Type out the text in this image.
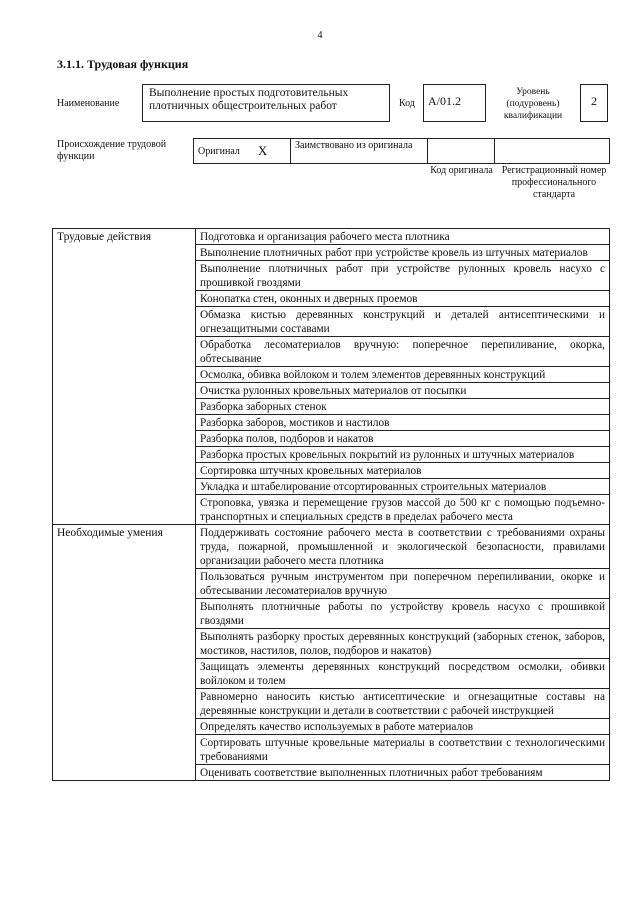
4
3.1.1. Трудовая функция
Наименование
Выполнение простых подготовительных плотничных общестроительных работ	Код	A/01.2
Уровень (подуровень) квалификации
2
Происхождение трудовой функции	Оригинал X	Заимствовано из оригинала
Код оригинала Регистрационный номер профессионального стандарта
Трудовые действия	Подготовка и организация рабочего места плотника
	Выполнение плотничных работ при устройстве кровель из штучных материалов
	Выполнение плотничных работ при устройстве рулонных кровель насухо с прошивкой гвоздями
	Конопатка стен, оконных и дверных проемов
	Обмазка кистью деревянных конструкций и деталей антисептическими и огнезащитными составами
	Обработка лесоматериалов вручную: поперечное перепиливание, окорка, обтесывание
	Осмолка, обивка войлоком и толем элементов деревянных конструкций
	Очистка рулонных кровельных материалов от посыпки
	Разборка заборных стенок
	Разборка заборов, мостиков и настилов
	Разборка полов, подборов и накатов
	Разборка простых кровельных покрытий из рулонных и штучных материалов
	Сортировка штучных кровельных материалов
	Укладка и штабелирование отсортированных строительных материалов
	Строповка, увязка и перемещение грузов массой до 500 кг с помощью подъемно-транспортных и специальных средств в пределах рабочего места
Необходимые умения	Поддерживать состояние рабочего места в соответствии с требованиями охраны труда, пожарной, промышленной и экологической безопасности, правилами организации рабочего места плотника
	Пользоваться ручным инструментом при поперечном перепиливании, окорке и обтесывании лесоматериалов вручную
	Выполнять плотничные работы по устройству кровель насухо с прошивкой гвоздями
	Выполнять разборку простых деревянных конструкций (заборных стенок, заборов, мостиков, настилов, полов, подборов и накатов)
	Защищать элементы деревянных конструкций посредством осмолки, обивки войлоком и толем
	Равномерно наносить кистью антисептические и огнезащитные составы на деревянные конструкции и детали в соответствии с рабочей инструкцией
	Определять качество используемых в работе материалов
	Сортировать штучные кровельные материалы в соответствии с технологическими требованиями
	Оценивать соответствие выполненных плотничных работ требованиям
